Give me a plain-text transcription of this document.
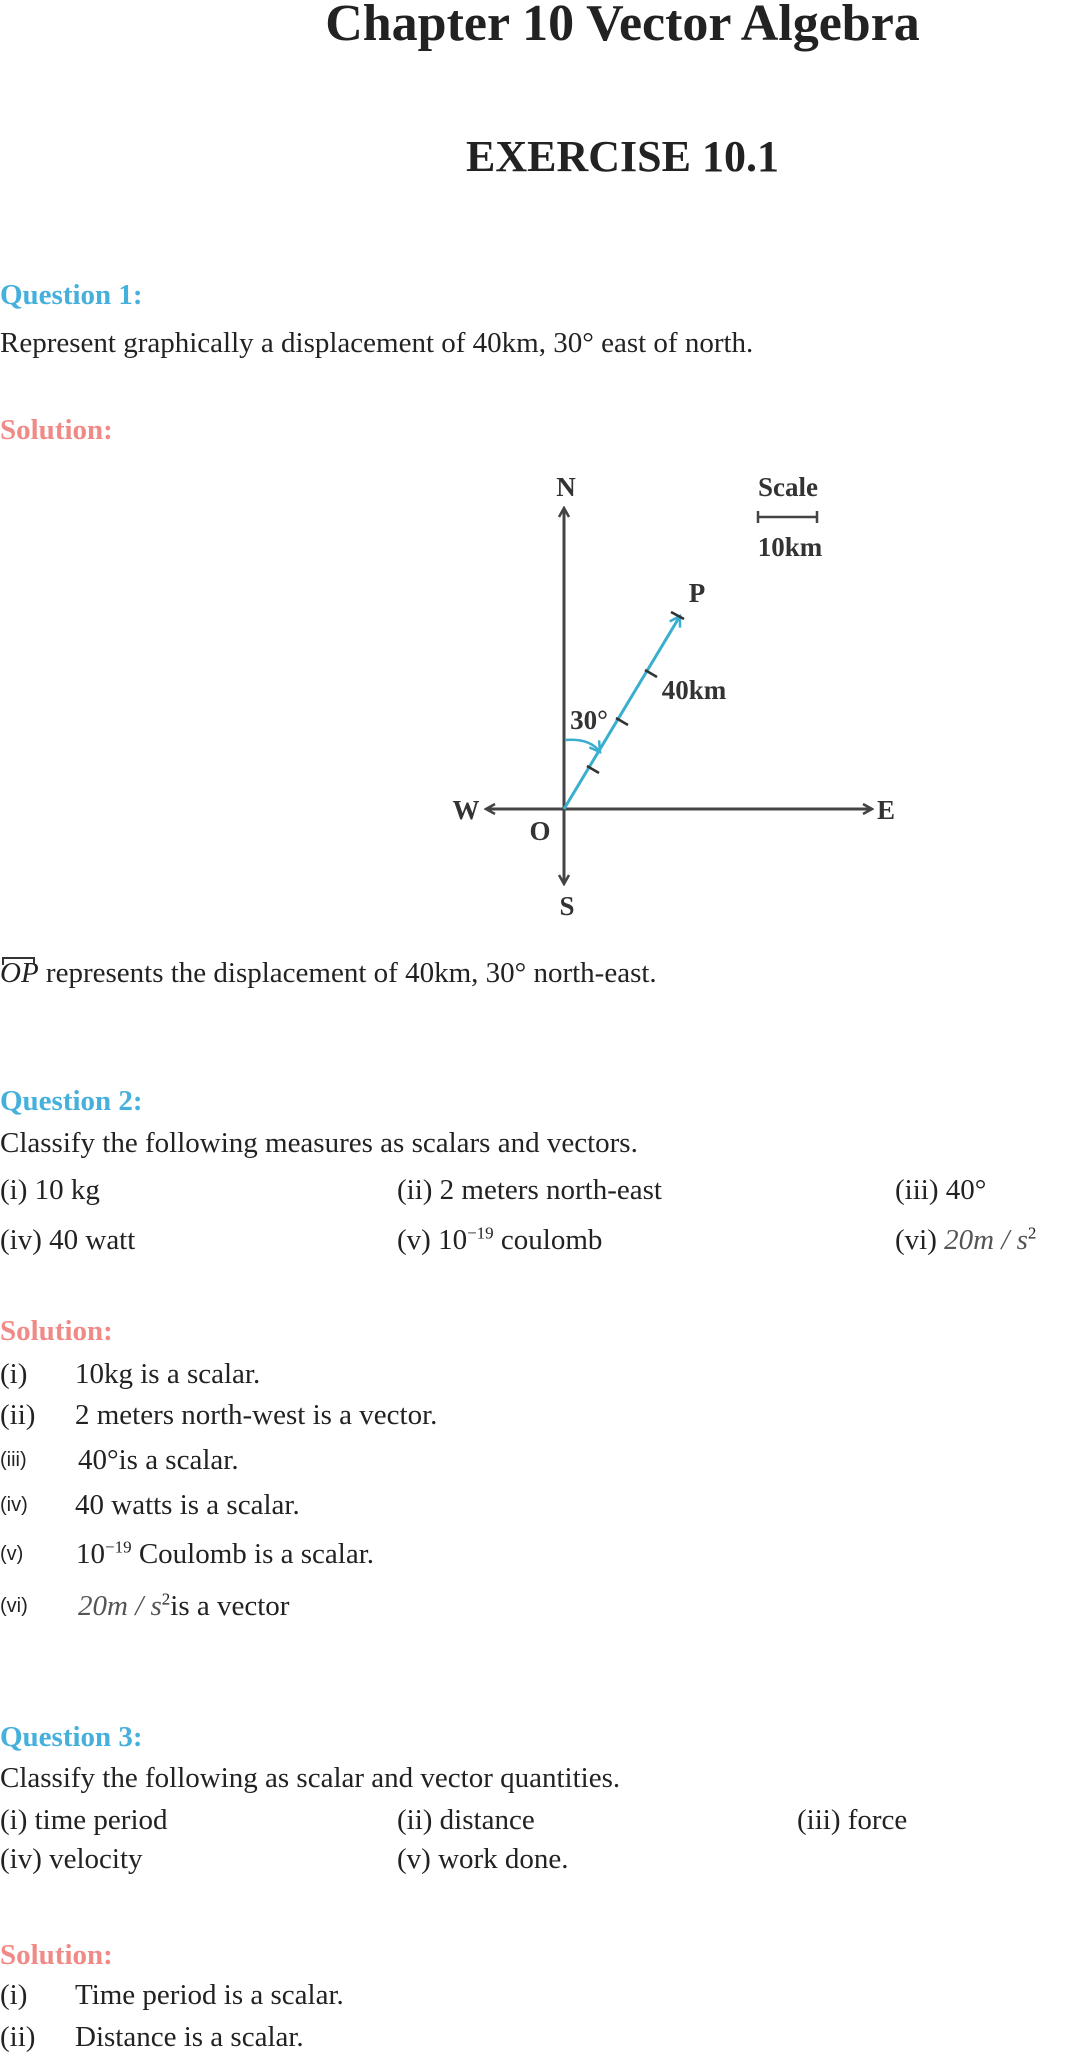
Chapter 10 Vector Algebra
EXERCISE 10.1
Question 1:
Represent graphically a displacement of 40km, 30° east of north.
Solution:
N
S
E
W
O
P
30°
40km
Scale
10km
OP represents the displacement of 40km, 30° north-east.
Question 2:
Classify the following measures as scalars and vectors.
(i) 10 kg	(ii) 2 meters north-east	(iii) 40°
(iv) 40 watt	(v) $10^{-19}$ coulomb	(vi) $20m / s^2$
Solution:
(i) 10kg is a scalar.
(ii) 2 meters north-west is a vector.
(iii) 40°is a scalar.
(iv) 40 watts is a scalar.
(v) $10^{-19}$ Coulomb is a scalar.
(vi) $20m / s^2is$ a vector
Question 3:
Classify the following as scalar and vector quantities.
(i) time period	(ii) distance	(iii) force
(iv) velocity	(v) work done.
Solution:
(i) Time period is a scalar.
(ii) Distance is a scalar.
